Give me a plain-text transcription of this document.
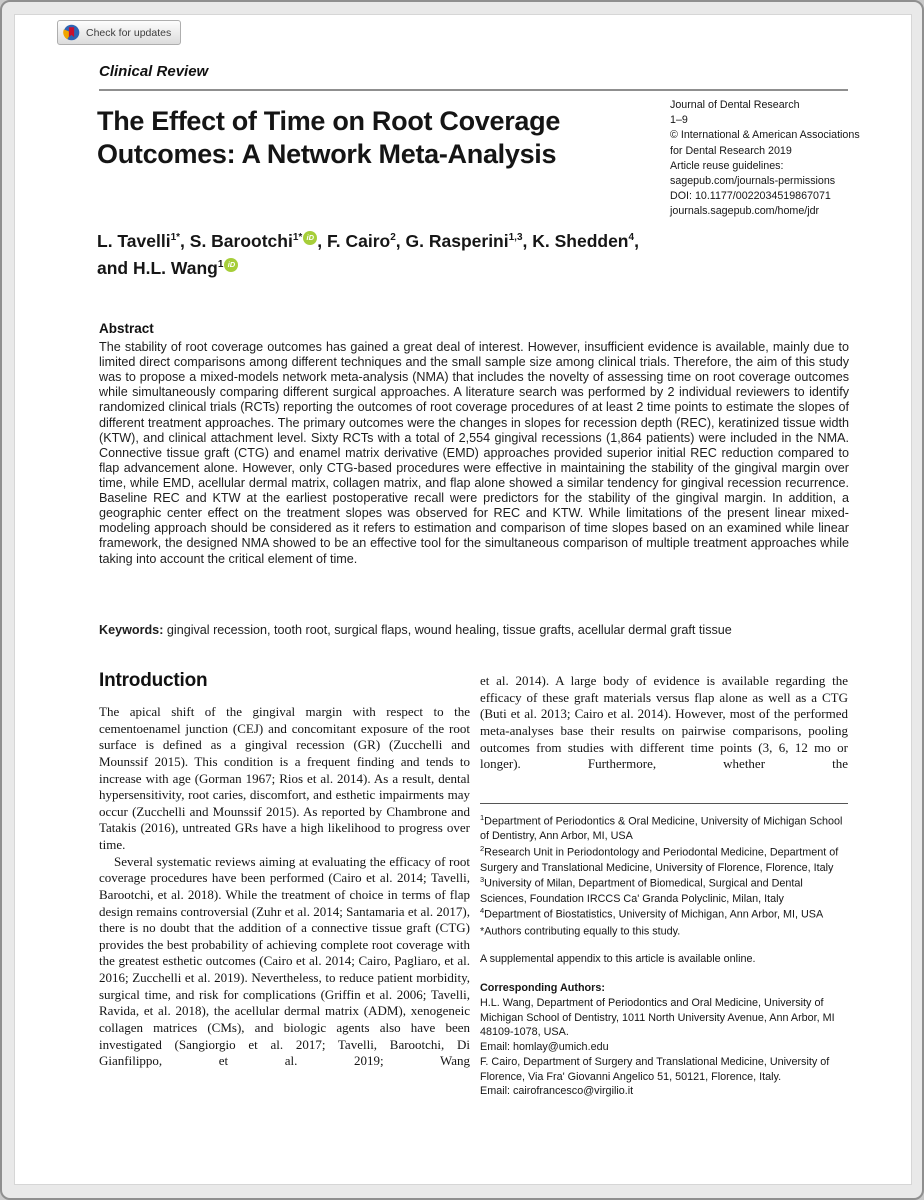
Check for updates
Clinical Review
The Effect of Time on Root Coverage Outcomes: A Network Meta-Analysis
Journal of Dental Research
1–9
© International & American Associations
for Dental Research 2019
Article reuse guidelines:
sagepub.com/journals-permissions
DOI: 10.1177/0022034519867071
journals.sagepub.com/home/jdr
L. Tavelli$^{1*}$, S. Barootchi$^{1*}$ iD , F. Cairo$^2$, G. Rasperini$^{1,3}$, K. Shedden$^4$,
and H.L. Wang$^1$ iD
Abstract
The stability of root coverage outcomes has gained a great deal of interest. However, insufficient evidence is available, mainly due to limited direct comparisons among different techniques and the small sample size among clinical trials. Therefore, the aim of this study was to propose a mixed-models network meta-analysis (NMA) that includes the novelty of assessing time on root coverage outcomes while simultaneously comparing different surgical approaches. A literature search was performed by 2 individual reviewers to identify randomized clinical trials (RCTs) reporting the outcomes of root coverage procedures of at least 2 time points to estimate the slopes of different treatment approaches. The primary outcomes were the changes in slopes for recession depth (REC), keratinized tissue width (KTW), and clinical attachment level. Sixty RCTs with a total of 2,554 gingival recessions (1,864 patients) were included in the NMA. Connective tissue graft (CTG) and enamel matrix derivative (EMD) approaches provided superior initial REC reduction compared to flap advancement alone. However, only CTG-based procedures were effective in maintaining the stability of the gingival margin over time, while EMD, acellular dermal matrix, collagen matrix, and flap alone showed a similar tendency for gingival recession recurrence. Baseline REC and KTW at the earliest postoperative recall were predictors for the stability of the gingival margin. In addition, a geographic center effect on the treatment slopes was observed for REC and KTW. While limitations of the present linear mixed-modeling approach should be considered as it refers to estimation and comparison of time slopes based on an examined while linear framework, the designed NMA showed to be an effective tool for the simultaneous comparison of multiple treatment approaches while taking into account the critical element of time.
Keywords: gingival recession, tooth root, surgical flaps, wound healing, tissue grafts, acellular dermal graft tissue
Introduction

The apical shift of the gingival margin with respect to the cementoenamel junction (CEJ) and concomitant exposure of the root surface is defined as a gingival recession (GR) (Zucchelli and Mounssif 2015). This condition is a frequent finding and tends to increase with age (Gorman 1967; Rios et al. 2014). As a result, dental hypersensitivity, root caries, discomfort, and esthetic impairments may occur (Zucchelli and Mounssif 2015). As reported by Chambrone and Tatakis (2016), untreated GRs have a high likelihood to progress over time.

Several systematic reviews aiming at evaluating the efficacy of root coverage procedures have been performed (Cairo et al. 2014; Tavelli, Barootchi, et al. 2018). While the treatment of choice in terms of flap design remains controversial (Zuhr et al. 2014; Santamaria et al. 2017), there is no doubt that the addition of a connective tissue graft (CTG) provides the best probability of achieving complete root coverage with the greatest esthetic outcomes (Cairo et al. 2014; Cairo, Pagliaro, et al. 2016; Zucchelli et al. 2019). Nevertheless, to reduce patient morbidity, surgical time, and risk for complications (Griffin et al. 2006; Tavelli, Ravida, et al. 2018), the acellular dermal matrix (ADM), xenogeneic collagen matrices (CMs), and biologic agents also have been investigated (Sangiorgio et al. 2017; Tavelli, Barootchi, Di Gianfilippo, et al. 2019; Wang

et al. 2014). A large body of evidence is available regarding the efficacy of these graft materials versus flap alone as well as a CTG (Buti et al. 2013; Cairo et al. 2014). However, most of the performed meta-analyses base their results on pairwise comparisons, pooling outcomes from studies with different time points (3, 6, 12 mo or longer). Furthermore, whether the

$^1$Department of Periodontics & Oral Medicine, University of Michigan School of Dentistry, Ann Arbor, MI, USA

$^2$Research Unit in Periodontology and Periodontal Medicine, Department of Surgery and Translational Medicine, University of Florence, Florence, Italy

$^3$University of Milan, Department of Biomedical, Surgical and Dental Sciences, Foundation IRCCS Ca' Granda Polyclinic, Milan, Italy

$^4$Department of Biostatistics, University of Michigan, Ann Arbor, MI, USA

*Authors contributing equally to this study.

A supplemental appendix to this article is available online.

Corresponding Authors:
H.L. Wang, Department of Periodontics and Oral Medicine, University of Michigan School of Dentistry, 1011 North University Avenue, Ann Arbor, MI 48109-1078, USA.
Email: homlay@umich.edu
F. Cairo, Department of Surgery and Translational Medicine, University of Florence, Via Fra' Giovanni Angelico 51, 50121, Florence, Italy.
Email: cairofrancesco@virgilio.it
